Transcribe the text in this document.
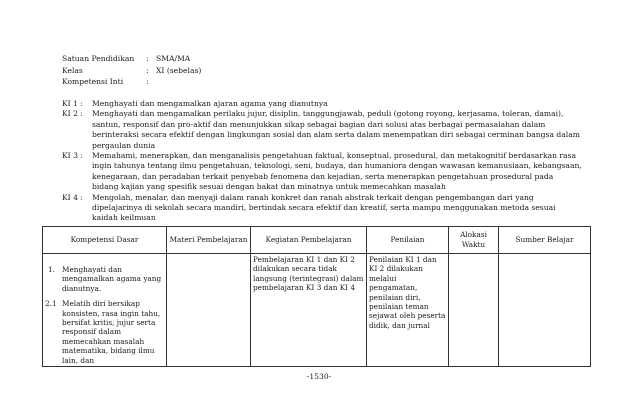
Satuan Pendidikan	: SMA/MA
Kelas	: XI (sebelas)
Kompetensi Inti	:
KI 1 :	Menghayati dan mengamalkan ajaran agama yang dianutnya
KI 2 :	Menghayati dan mengamalkan perilaku jujur, disiplin, tanggungjawab, peduli (gotong royong, kerjasama, toleran, damai), santun, responsif dan pro-aktif dan menunjukkan sikap sebagai bagian dari solusi atas berbagai permasalahan dalam berinteraksi secara efektif dengan lingkungan sosial dan alam serta dalam menempatkan diri sebagai cerminan bangsa dalam pergaulan dunia
KI 3 :	Memahami, menerapkan, dan menganalisis pengetahuan faktual, konseptual, prosedural, dan metakognitif berdasarkan rasa ingin tahunya tentang ilmu pengetahuan, teknologi, seni, budaya, dan humaniora dengan wawasan kemanusiaan, kebangsaan, kenegaraan, dan peradaban terkait penyebab fenomena dan kejadian, serta menerapkan pengetahuan prosedural pada bidang kajian yang spesifik sesuai dengan bakat dan minatnya untuk memecahkan masalah
KI 4 :	Mengolah, menalar, dan menyaji dalam ranah konkret dan ranah abstrak terkait dengan pengembangan dari yang dipelajarinya di sekolah secara mandiri, bertindak secara efektif dan kreatif, serta mampu menggunakan metoda sesuai kaidah keilmuan
Kompetensi Dasar	Materi Pembelajaran	Kegiatan Pembelajaran	Penilaian	Alokasi Waktu	Sumber Belajar

1. Menghayati dan mengamalkan agama yang dianutnya.
2.1 Melatih diri bersikap konsisten, rasa ingin tahu, bersifat kritis, jujur serta responsif dalam memecahkan masalah matematika, bidang ilmu lain, dan		Pembelajaran KI 1 dan KI 2 dilakukan secara tidak langsung (terintegrasi) dalam pembelajaran KI 3 dan KI 4	Penilaian KI 1 dan KI 2 dilakukan melalui pengamatan, penilaian diri, penilaian teman sejawat oleh peserta didik, dan jurnal		
-1530-
